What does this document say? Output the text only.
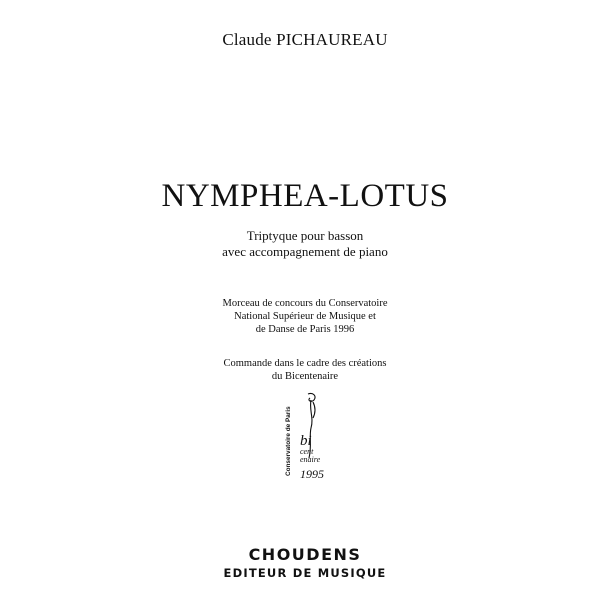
Claude PICHAUREAU
NYMPHEA-LOTUS
Triptyque pour basson
avec accompagnement de piano
Morceau de concours du Conservatoire
National Supérieur de Musique et
de Danse de Paris 1996
Commande dans le cadre des créations
du Bicentenaire
Conservatoire de Paris bi
cent
enaire
1995
CHOUDENS
EDITEUR DE MUSIQUE
